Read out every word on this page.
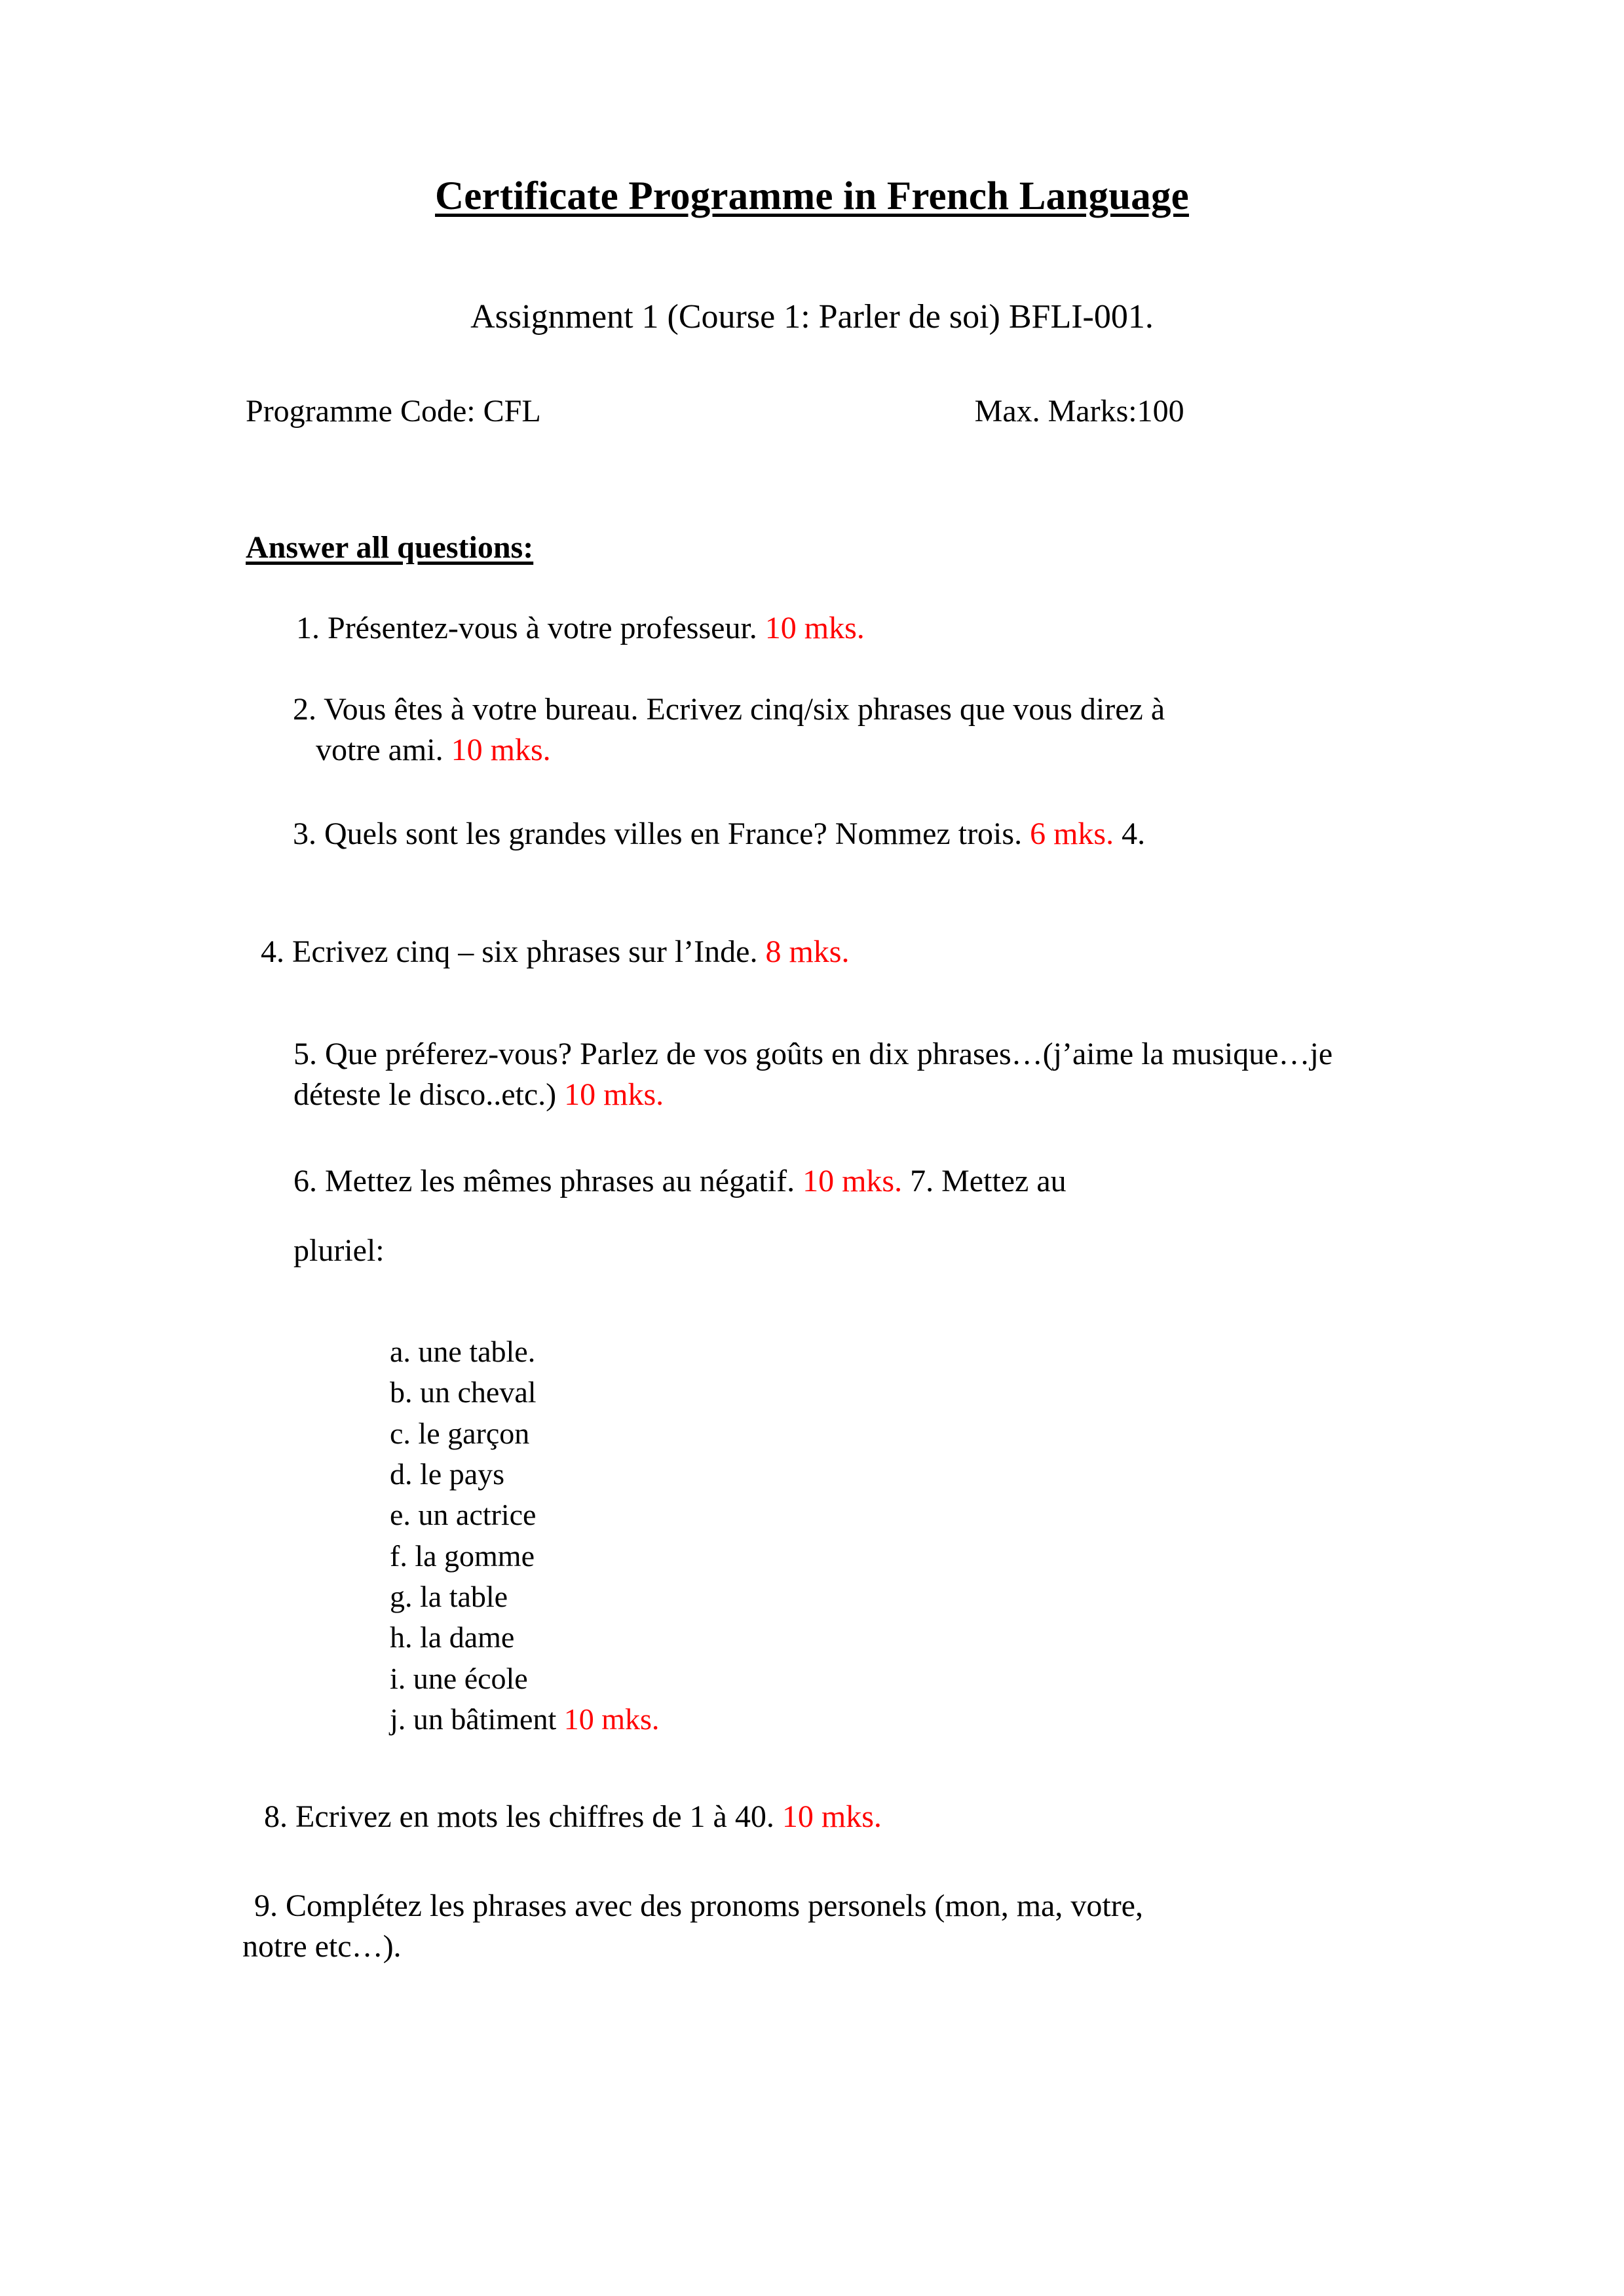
Certificate Programme in French Language
Assignment 1 (Course 1: Parler de soi) BFLI-001.
Programme Code: CFL	Max. Marks:100
Answer all questions:
1. Présentez-vous à votre professeur. 10 mks.
2. Vous êtes à votre bureau. Ecrivez cinq/six phrases que vous direz à
votre ami. 10 mks.
3. Quels sont les grandes villes en France? Nommez trois. 6 mks. 4.
4. Ecrivez cinq – six phrases sur l’Inde. 8 mks.
5. Que préferez-vous? Parlez de vos goûts en dix phrases…(j’aime la musique…je déteste le disco..etc.) 10 mks.
6. Mettez les mêmes phrases au négatif. 10 mks. 7. Mettez au
pluriel:
a. une table.
b. un cheval
c. le garçon
d. le pays
e. un actrice
f. la gomme
g. la table
h. la dame
i. une école
j. un bâtiment 10 mks.
8. Ecrivez en mots les chiffres de 1 à 40. 10 mks.
9. Complétez les phrases avec des pronoms personels (mon, ma, votre,
notre etc…).
